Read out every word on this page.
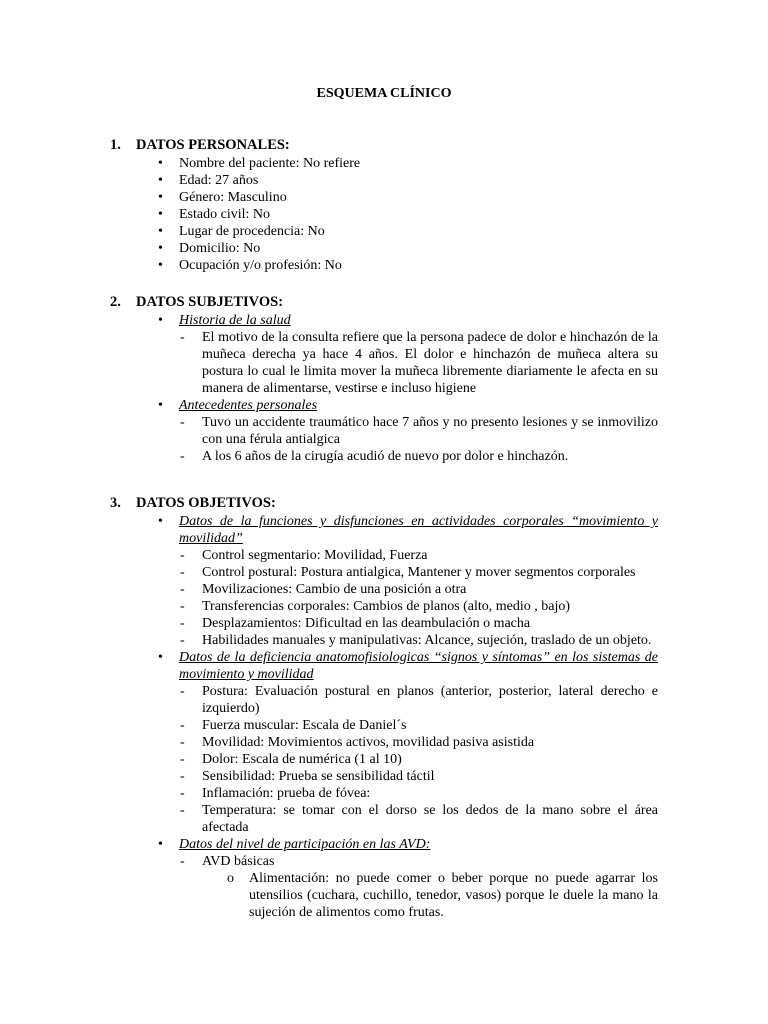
ESQUEMA CLÍNICO
1. DATOS PERSONALES:
• Nombre del paciente: No refiere
• Edad: 27 años
• Género: Masculino
• Estado civil: No
• Lugar de procedencia: No
• Domicilio: No
• Ocupación y/o profesión: No
2. DATOS SUBJETIVOS:
• Historia de la salud
- El motivo de la consulta refiere que la persona padece de dolor e hinchazón de la muñeca derecha ya hace 4 años. El dolor e hinchazón de muñeca altera su postura lo cual le limita mover la muñeca libremente diariamente le afecta en su manera de alimentarse, vestirse e incluso higiene
• Antecedentes personales
- Tuvo un accidente traumático hace 7 años y no presento lesiones y se inmovilizo con una férula antialgica
- A los 6 años de la cirugía acudió de nuevo por dolor e hinchazón.
3. DATOS OBJETIVOS:
• Datos de la funciones y disfunciones en actividades corporales “movimiento y movilidad”
- Control segmentario: Movilidad, Fuerza
- Control postural: Postura antialgica, Mantener y mover segmentos corporales
- Movilizaciones: Cambio de una posición a otra
- Transferencias corporales: Cambios de planos (alto, medio , bajo)
- Desplazamientos: Dificultad en las deambulación o macha
- Habilidades manuales y manipulativas: Alcance, sujeción, traslado de un objeto.
• Datos de la deficiencia anatomofisiologicas “signos y síntomas” en los sistemas de movimiento y movilidad
- Postura: Evaluación postural en planos (anterior, posterior, lateral derecho e izquierdo)
- Fuerza muscular: Escala de Daniel´s
- Movilidad: Movimientos activos, movilidad pasiva asistida
- Dolor: Escala de numérica (1 al 10)
- Sensibilidad: Prueba se sensibilidad táctil
- Inflamación: prueba de fóvea:
- Temperatura: se tomar con el dorso se los dedos de la mano sobre el área afectada
• Datos del nivel de participación en las AVD:
- AVD básicas
o Alimentación: no puede comer o beber porque no puede agarrar los utensilios (cuchara, cuchillo, tenedor, vasos) porque le duele la mano la sujeción de alimentos como frutas.
